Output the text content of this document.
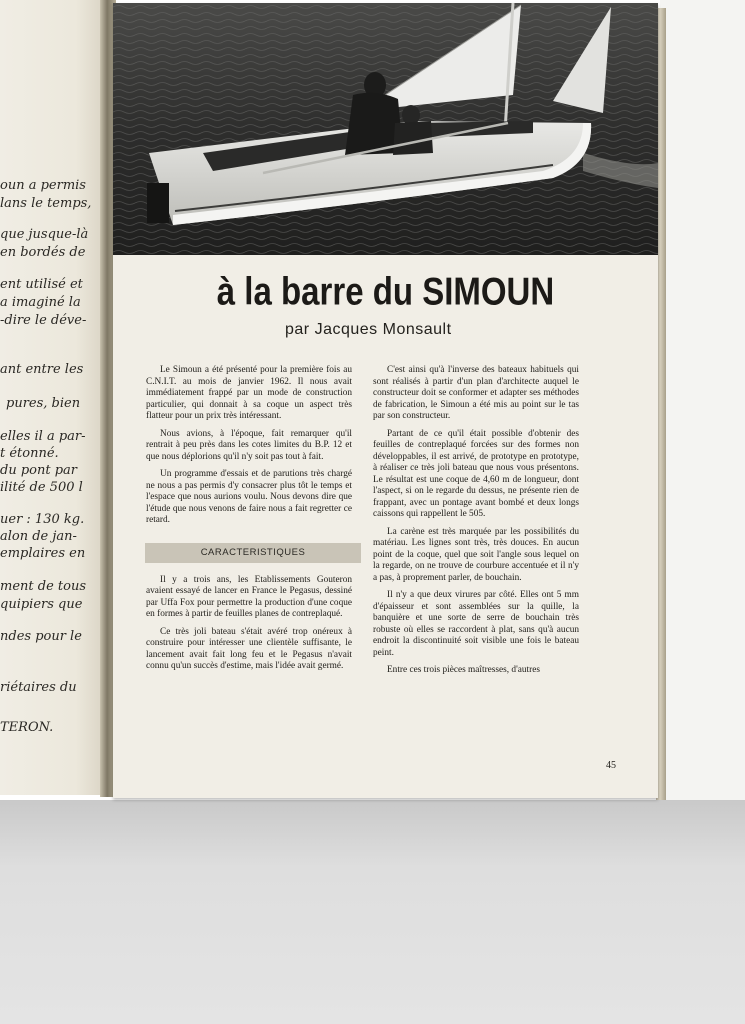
oun a permis
lans le temps,
que jusque-là
en bordés de
ent utilisé et
a imaginé la
-dire le déve-
ant entre les
pures, bien
elles il a par-
t étonné.
du pont par
ilité de 500 l
uer : 130 kg.
alon de jan-
emplaires en
ment de tous
quipiers que
ndes pour le
riétaires du
TERON.
à la barre du SIMOUN
par Jacques Monsault

Le Simoun a été présenté pour la première fois au C.N.I.T. au mois de janvier 1962. Il nous avait immédiatement frappé par un mode de construction particulier, qui donnait à sa coque un aspect très flatteur pour un prix très intéressant.

Nous avions, à l'époque, fait remarquer qu'il rentrait à peu près dans les cotes limites du B.P. 12 et que nous déplorions qu'il n'y soit pas tout à fait.

Un programme d'essais et de parutions très chargé ne nous a pas permis d'y consacrer plus tôt le temps et l'espace que nous aurions voulu. Nous devons dire que l'étude que nous venons de faire nous a fait regretter ce retard.

CARACTERISTIQUES

Il y a trois ans, les Etablissements Gouteron avaient essayé de lancer en France le Pegasus, dessiné par Uffa Fox pour permettre la production d'une coque en formes à partir de feuilles planes de contreplaqué.

Ce très joli bateau s'était avéré trop onéreux à construire pour intéresser une clientèle suffisante, le lancement avait fait long feu et le Pegasus n'avait connu qu'un succès d'estime, mais l'idée avait germé.

C'est ainsi qu'à l'inverse des bateaux habituels qui sont réalisés à partir d'un plan d'architecte auquel le constructeur doit se conformer et adapter ses méthodes de fabrication, le Simoun a été mis au point sur le tas par son constructeur.

Partant de ce qu'il était possible d'obtenir des feuilles de contreplaqué forcées sur des formes non développables, il est arrivé, de prototype en prototype, à réaliser ce très joli bateau que nous vous présentons. Le résultat est une coque de 4,60 m de longueur, dont l'aspect, si on le regarde du dessus, ne présente rien de frappant, avec un pontage avant bombé et deux longs caissons qui rappellent le 505.

La carène est très marquée par les possibilités du matériau. Les lignes sont très, très douces. En aucun point de la coque, quel que soit l'angle sous lequel on la regarde, on ne trouve de courbure accentuée et il n'y a pas, à proprement parler, de bouchain.

Il n'y a que deux virures par côté. Elles ont 5 mm d'épaisseur et sont assemblées sur la quille, la banquière et une sorte de serre de bouchain très robuste où elles se raccordent à plat, sans qu'à aucun endroit la discontinuité soit visible une fois le bateau peint.

Entre ces trois pièces maîtresses, d'autres

45
